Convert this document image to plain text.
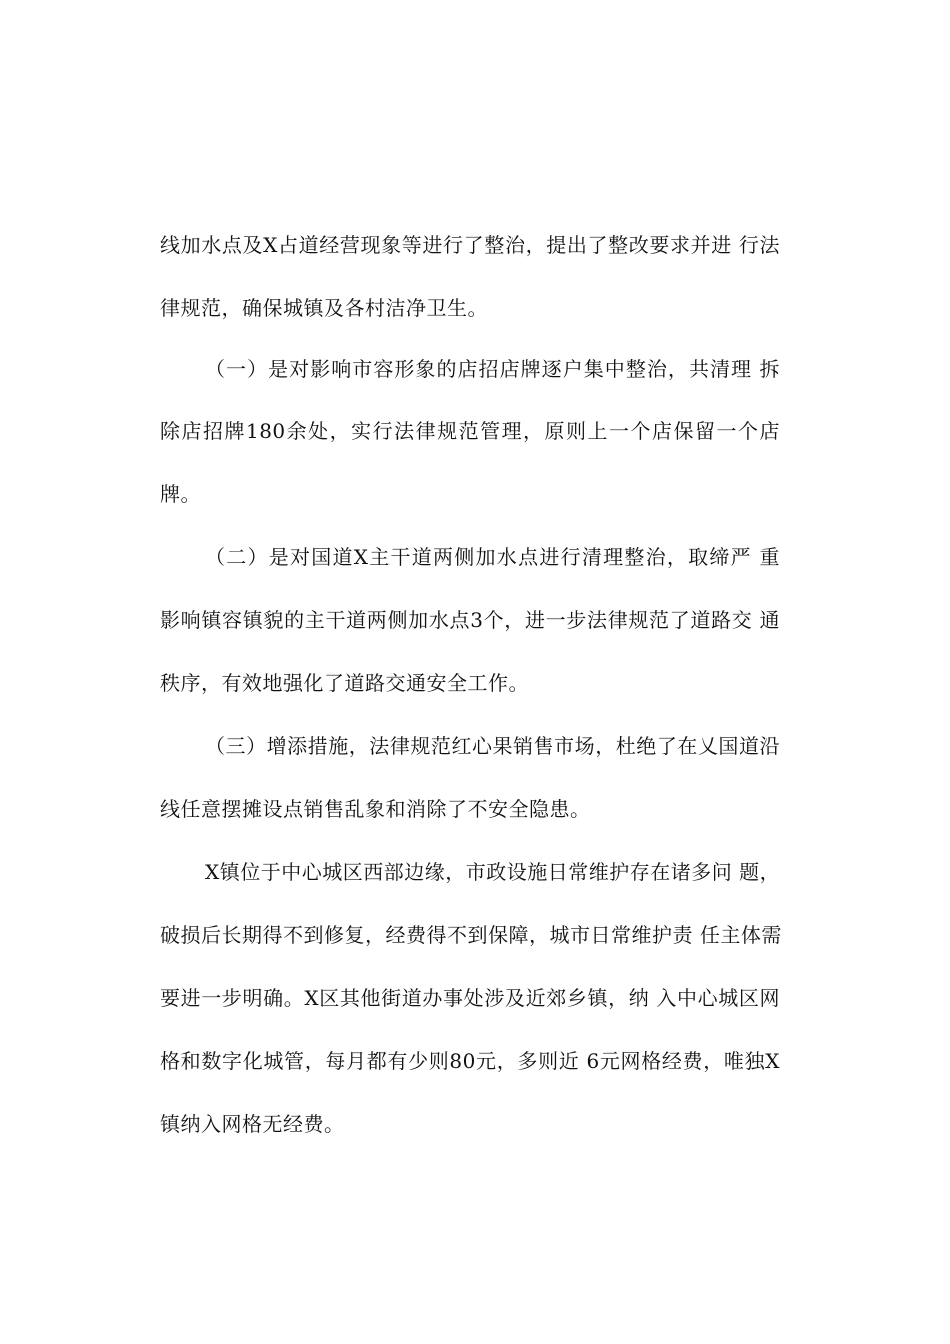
线加水点及X占道经营现象等进行了整治，提出了整改要求并进 行法
律规范，确保城镇及各村洁净卫生。
（一）是对影响市容形象的店招店牌逐户集中整治，共清理 拆
除店招牌180余处，实行法律规范管理，原则上一个店保留一个店
牌。
（二）是对国道X主干道两侧加水点进行清理整治，取缔严 重
影响镇容镇貌的主干道两侧加水点3个，进一步法律规范了道路交 通
秩序，有效地强化了道路交通安全工作。
（三）增添措施，法律规范红心果销售市场，杜绝了在乂国道沿
线任意摆摊设点销售乱象和消除了不安全隐患。
X镇位于中心城区西部边缘，市政设施日常维护存在诸多问 题，
破损后长期得不到修复，经费得不到保障，城市日常维护责 任主体需
要进一步明确。X区其他街道办事处涉及近郊乡镇，纳 入中心城区网
格和数字化城管，每月都有少则80元，多则近 6元网格经费，唯独X
镇纳入网格无经费。
